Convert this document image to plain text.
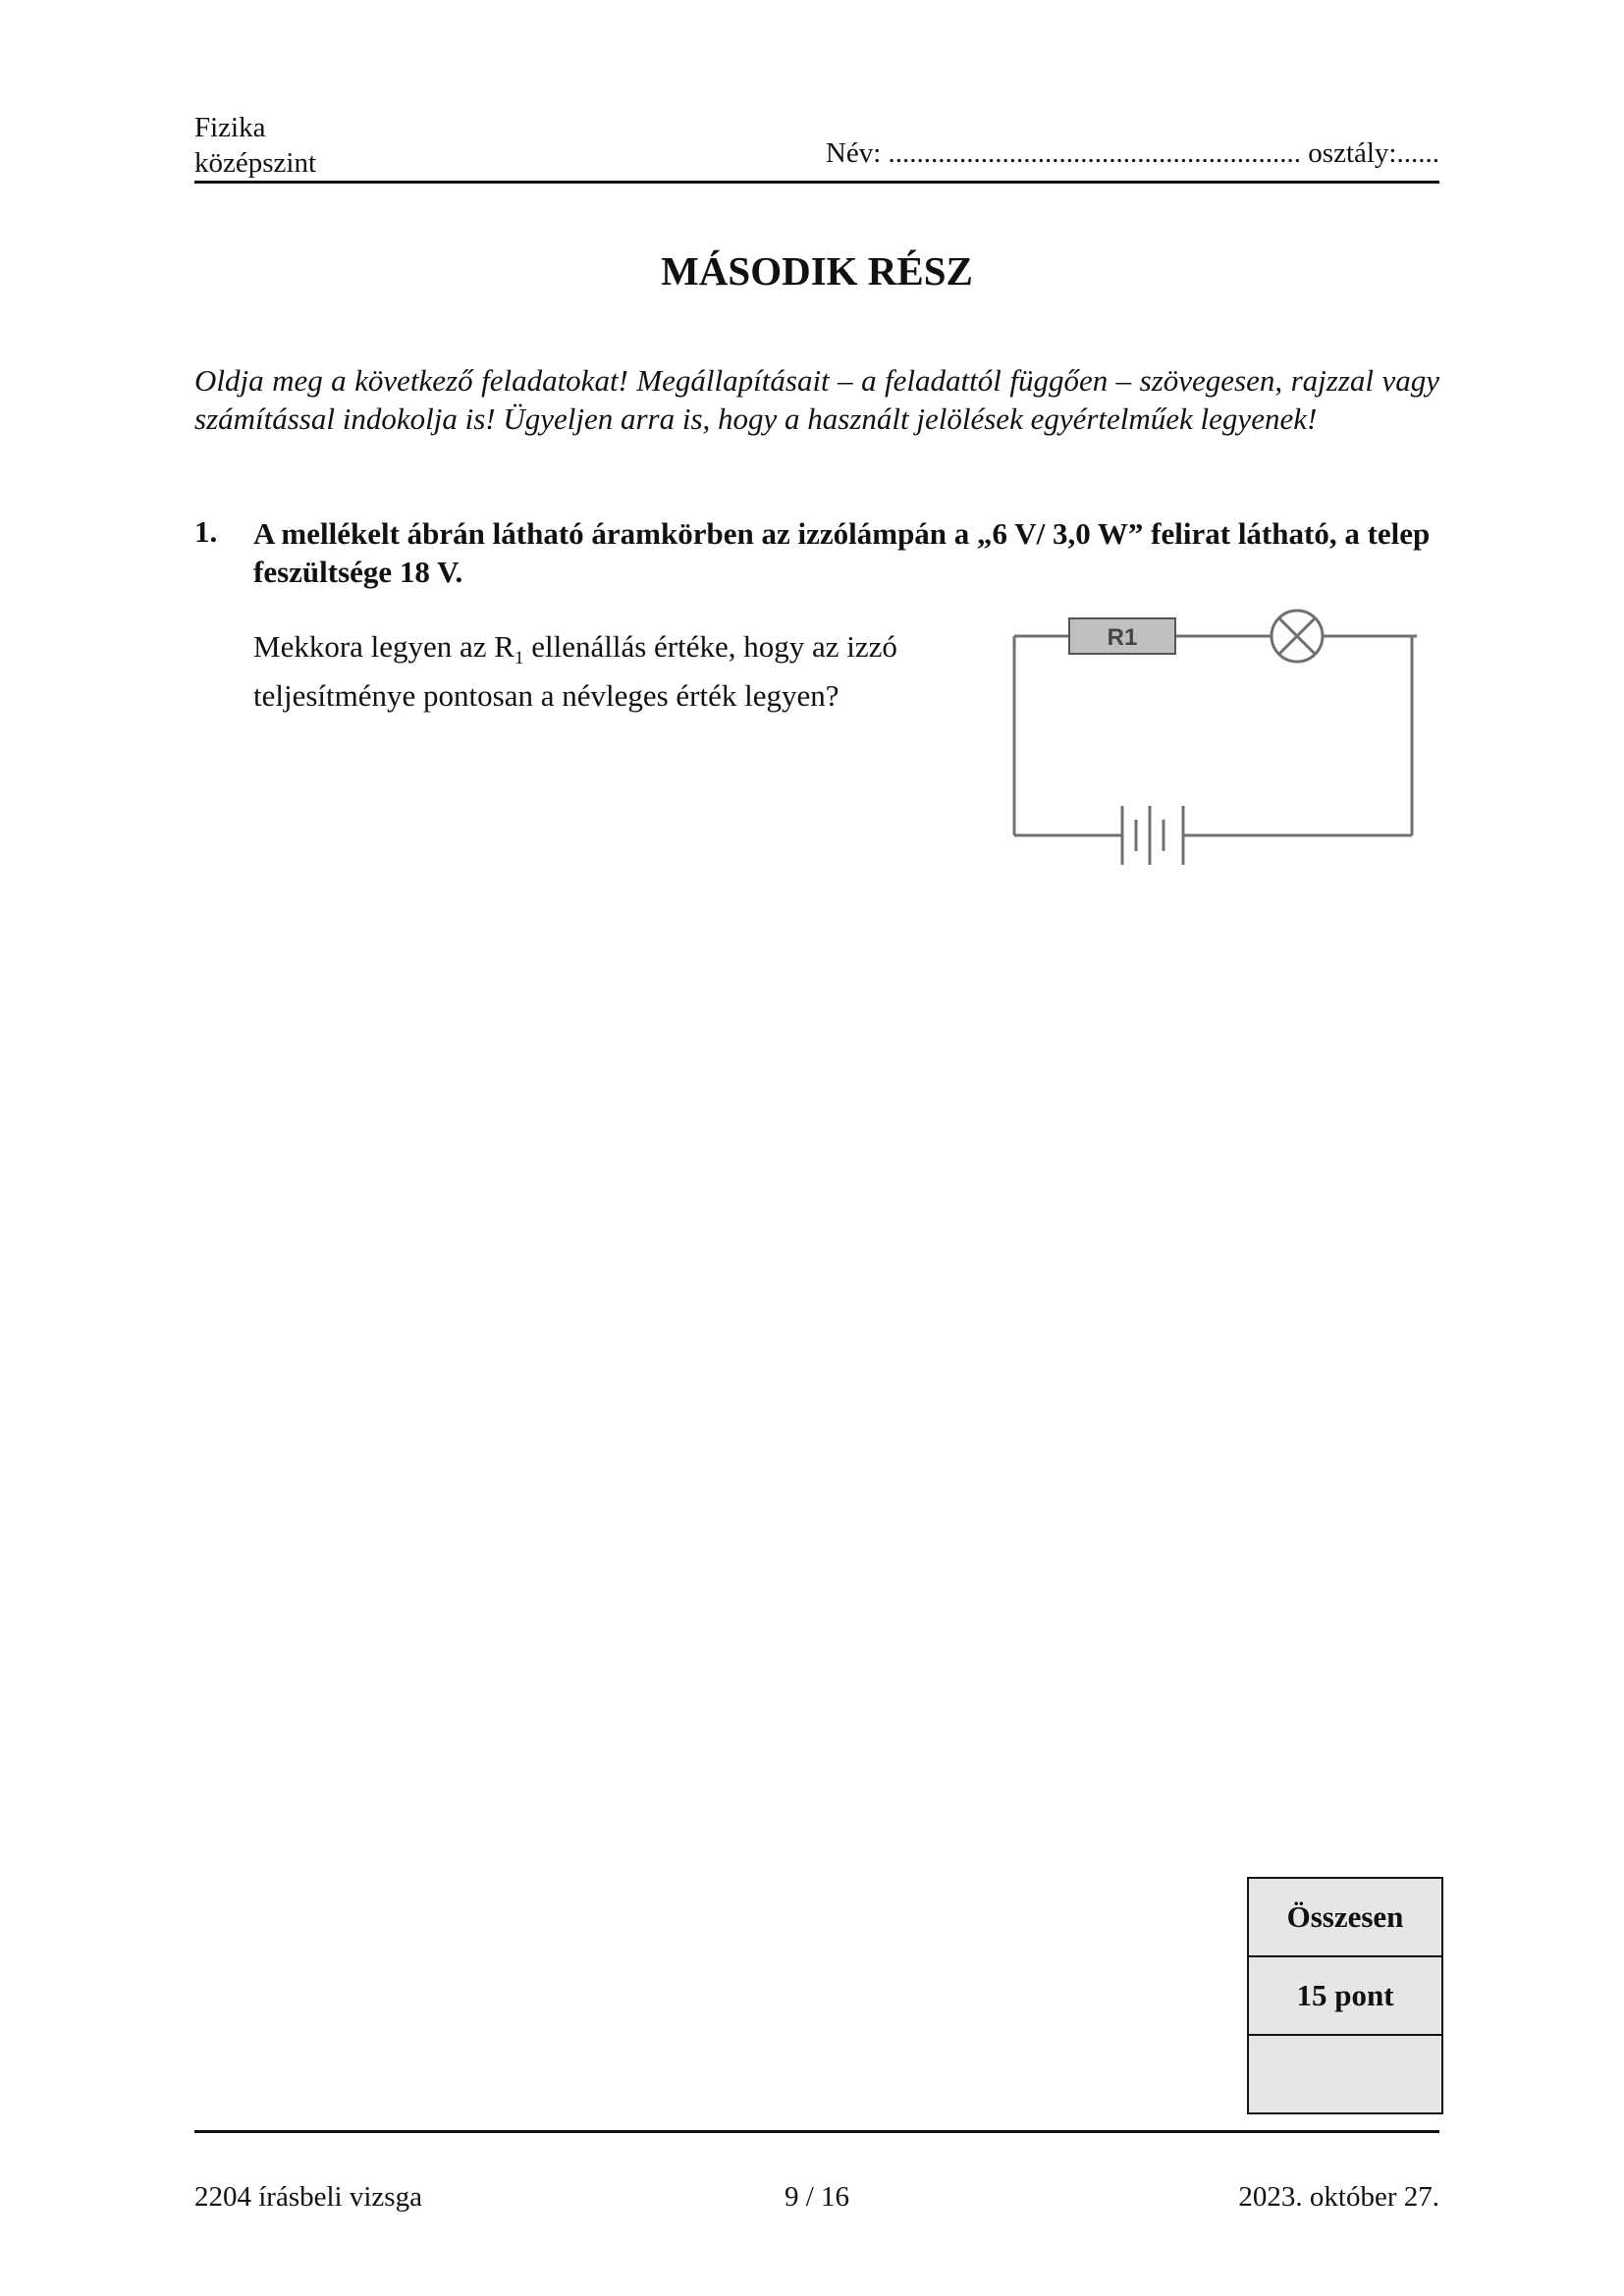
Fizika
középszint	Név: .......................................................... osztály:......
MÁSODIK RÉSZ
Oldja meg a következő feladatokat! Megállapításait – a feladattól függően – szövegesen, rajzzal vagy számítással indokolja is! Ügyeljen arra is, hogy a használt jelölések egyértelműek legyenek!
1. A mellékelt ábrán látható áramkörben az izzólámpán a „6 V/ 3,0 W” felirat látható, a telep feszültsége 18 V.
Mekkora legyen az $R_1$ ellenállás értéke, hogy az izzó teljesítménye pontosan a névleges érték legyen?
R1
Összesen
15 pont
2204 írásbeli vizsga	9 / 16	2023. október 27.
